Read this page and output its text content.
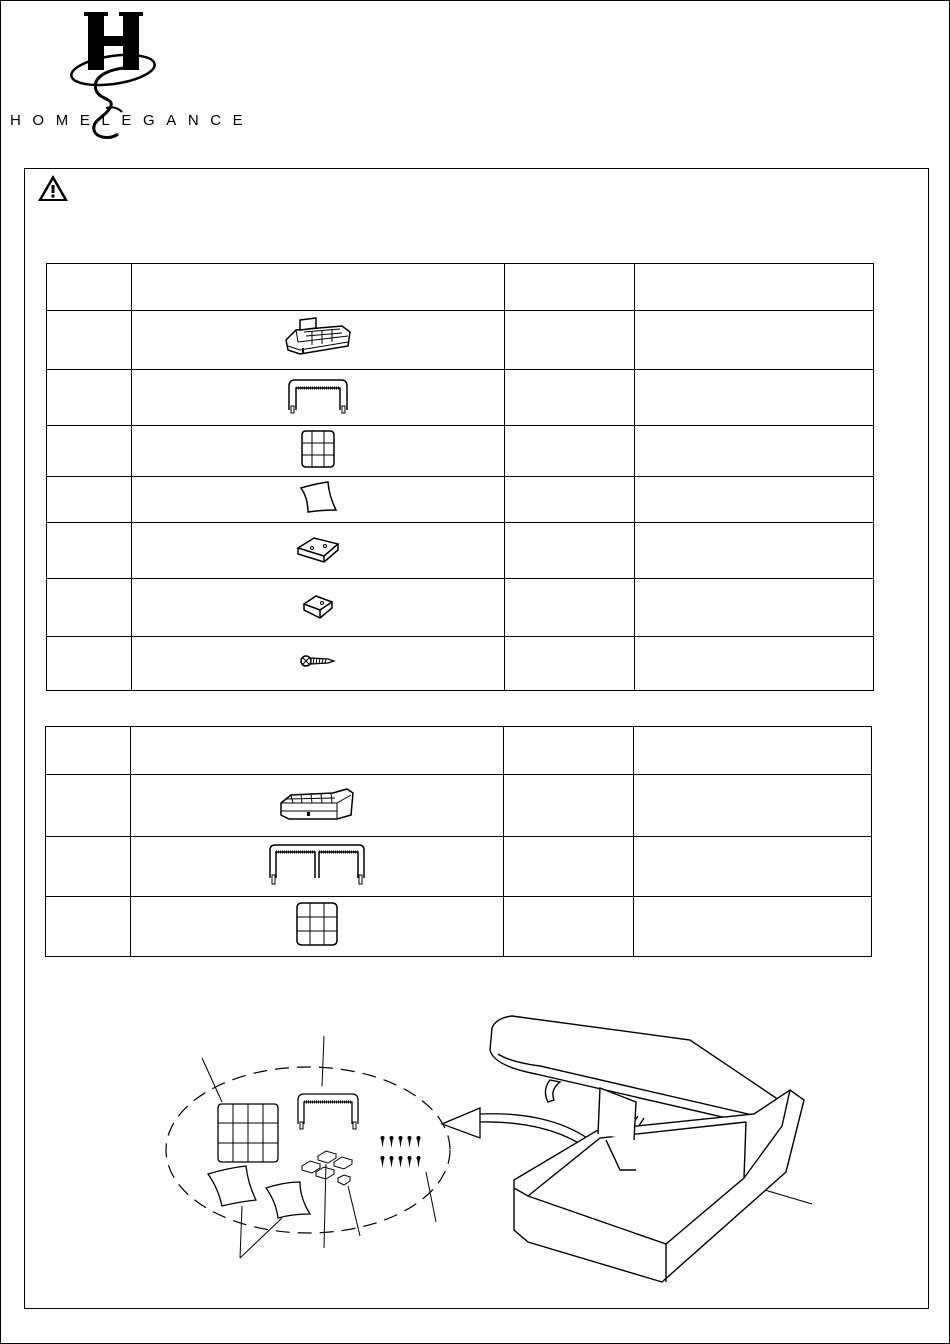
HOMELEGANCE
